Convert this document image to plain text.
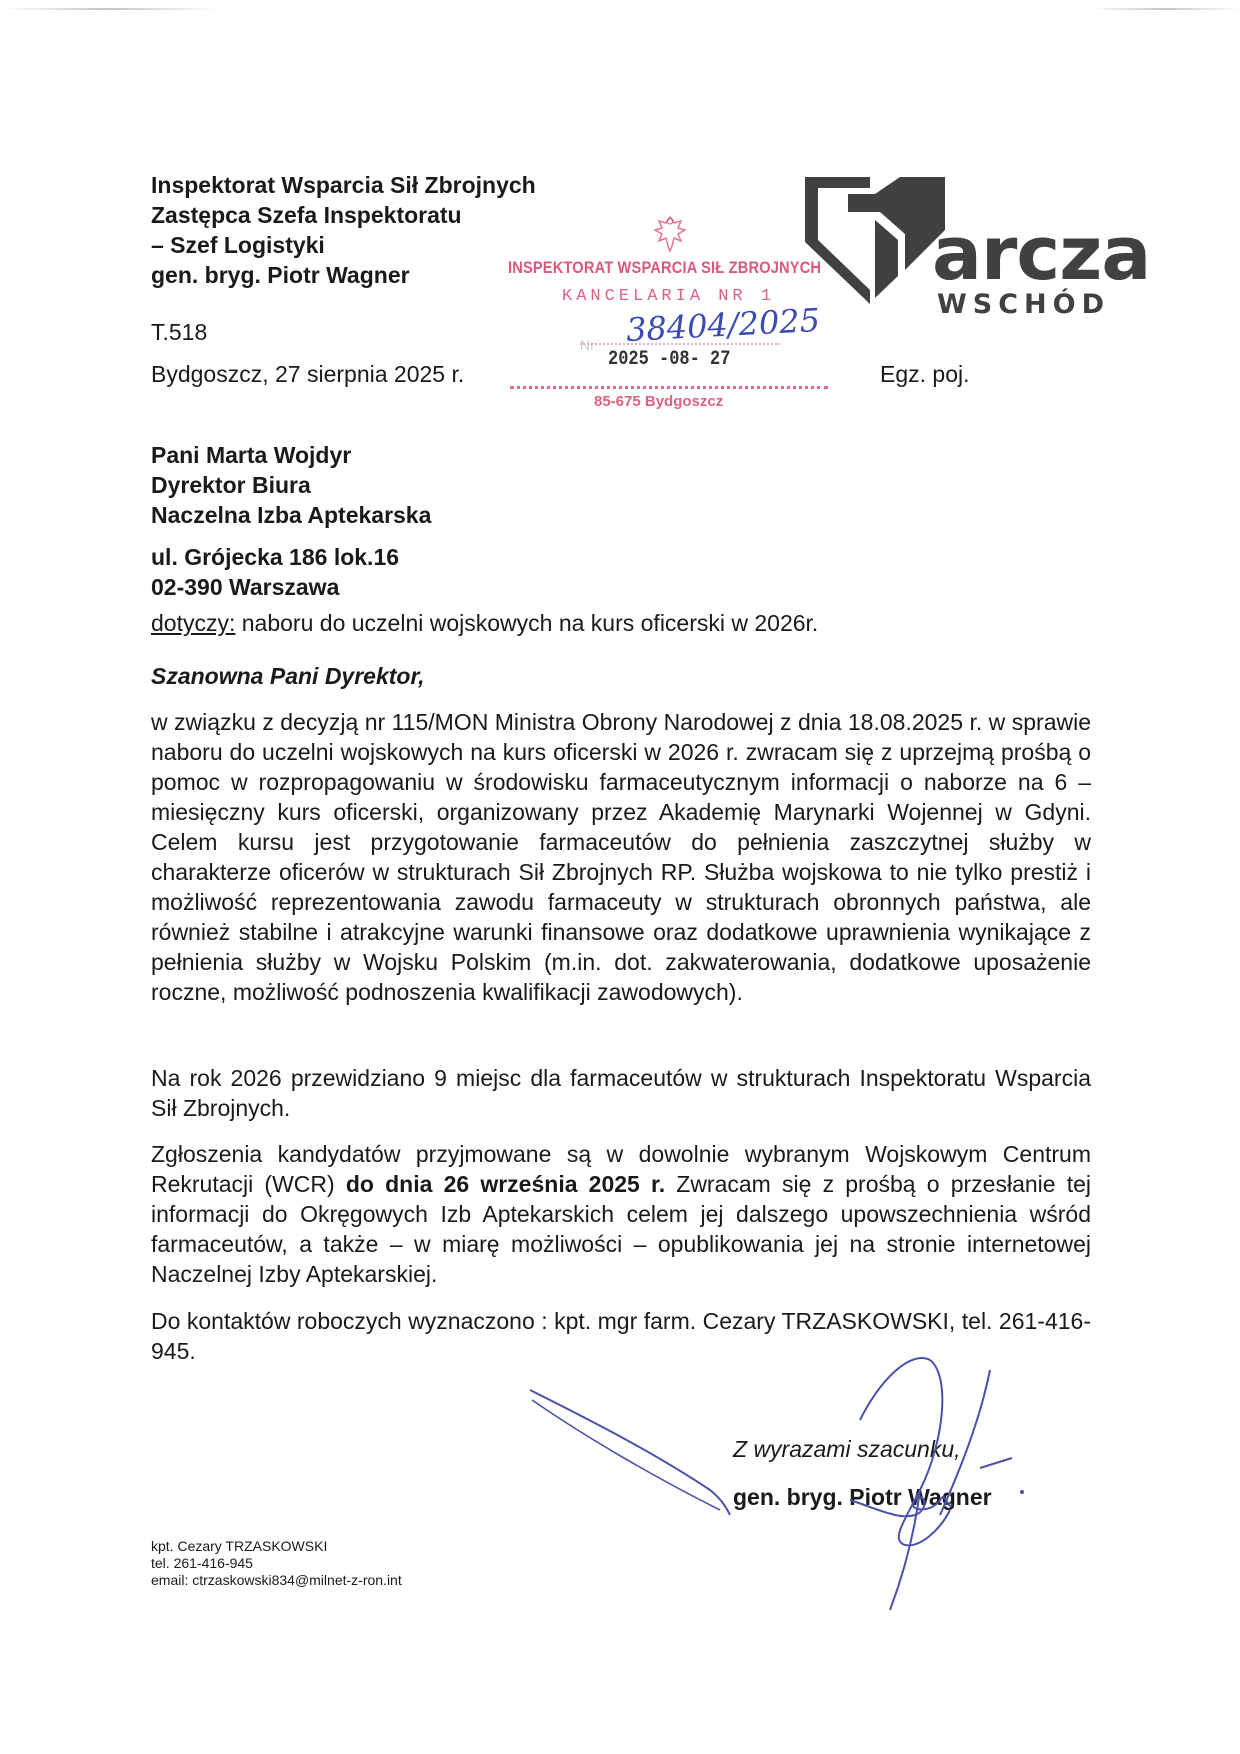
Inspektorat Wsparcia Sił Zbrojnych
Zastępca Szefa Inspektoratu
– Szef Logistyki
gen. bryg. Piotr Wagner
T.518
Bydgoszcz, 27 sierpnia 2025 r.	Egz. poj.
INSPEKTORAT WSPARCIA SIŁ ZBROJNYCH
KANCELARIA NR 1
Nr 38404/2025
2025 -08- 27
85-675 Bydgoszcz
arcza
WSCHÓD
Pani Marta Wojdyr
Dyrektor Biura
Naczelna Izba Aptekarska
ul. Grójecka 186 lok.16
02-390 Warszawa
dotyczy: naboru do uczelni wojskowych na kurs oficerski w 2026r.
Szanowna Pani Dyrektor,
w związku z decyzją nr 115/MON Ministra Obrony Narodowej z dnia 18.08.2025 r. w sprawie naboru do uczelni wojskowych na kurs oficerski w 2026 r. zwracam się z uprzejmą prośbą o pomoc w rozpropagowaniu w środowisku farmaceutycznym informacji o naborze na 6 – miesięczny kurs oficerski, organizowany przez Akademię Marynarki Wojennej w Gdyni. Celem kursu jest przygotowanie farmaceutów do pełnienia zaszczytnej służby w charakterze oficerów w strukturach Sił Zbrojnych RP. Służba wojskowa to nie tylko prestiż i możliwość reprezentowania zawodu farmaceuty w strukturach obronnych państwa, ale również stabilne i atrakcyjne warunki finansowe oraz dodatkowe uprawnienia wynikające z pełnienia służby w Wojsku Polskim (m.in. dot. zakwaterowania, dodatkowe uposażenie roczne, możliwość podnoszenia kwalifikacji zawodowych).
Na rok 2026 przewidziano 9 miejsc dla farmaceutów w strukturach Inspektoratu Wsparcia Sił Zbrojnych.
Zgłoszenia kandydatów przyjmowane są w dowolnie wybranym Wojskowym Centrum Rekrutacji (WCR) do dnia 26 września 2025 r. Zwracam się z prośbą o przesłanie tej informacji do Okręgowych Izb Aptekarskich celem jej dalszego upowszechnienia wśród farmaceutów, a także – w miarę możliwości – opublikowania jej na stronie internetowej Naczelnej Izby Aptekarskiej.
Do kontaktów roboczych wyznaczono : kpt. mgr farm. Cezary TRZASKOWSKI, tel. 261-416-945.
Z wyrazami szacunku,
gen. bryg. Piotr Wagner
kpt. Cezary TRZASKOWSKI
tel. 261-416-945
email: ctrzaskowski834@milnet-z-ron.int
